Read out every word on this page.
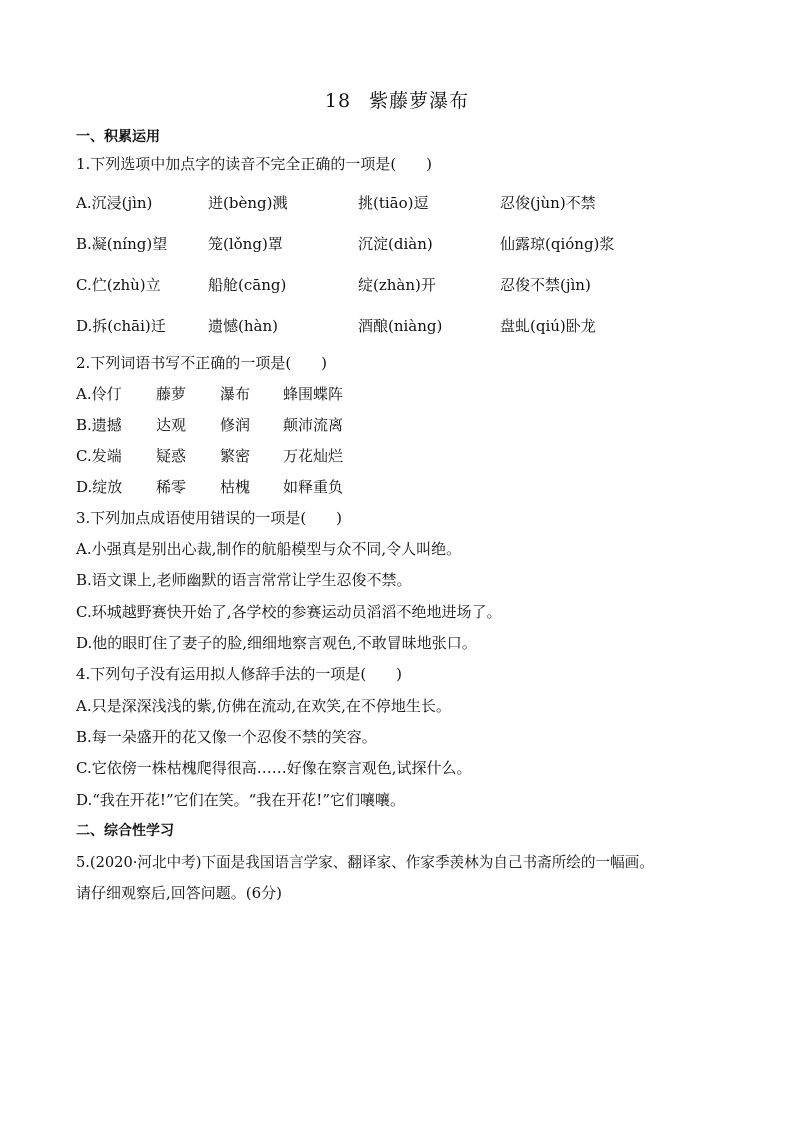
18 紫藤萝瀑布
一、积累运用
1.下列选项中加点字的读音不完全正确的一项是(　　)
A.沉浸(jìn)	迸(bèng)溅	挑(tiāo)逗	忍俊(jùn)不禁
B.凝(níng)望	笼(lǒng)罩	沉淀(diàn)	仙露琼(qióng)浆
C.伫(zhù)立	船舱(cāng)	绽(zhàn)开	忍俊不禁(jìn)
D.拆(chāi)迁	遗憾(hàn)	酒酿(niàng)	盘虬(qiú)卧龙
2.下列词语书写不正确的一项是(　　)
A.伶仃 藤萝 瀑布 蜂围蝶阵
B.遗撼 达观 修润 颠沛流离
C.发端 疑惑 繁密 万花灿烂
D.绽放 稀零 枯槐 如释重负
3.下列加点成语使用错误的一项是(　　)
A.小强真是别出心裁,制作的航船模型与众不同,令人叫绝。
B.语文课上,老师幽默的语言常常让学生忍俊不禁。
C.环城越野赛快开始了,各学校的参赛运动员滔滔不绝地进场了。
D.他的眼盯住了妻子的脸,细细地察言观色,不敢冒昧地张口。
4.下列句子没有运用拟人修辞手法的一项是(　　)
A.只是深深浅浅的紫,仿佛在流动,在欢笑,在不停地生长。
B.每一朵盛开的花又像一个忍俊不禁的笑容。
C.它依傍一株枯槐爬得很高……好像在察言观色,试探什么。
D.“我在开花!”它们在笑。“我在开花!”它们嚷嚷。
二、综合性学习
5.(2020·河北中考)下面是我国语言学家、翻译家、作家季羡林为自己书斋所绘的一幅画。
请仔细观察后,回答问题。(6分)
